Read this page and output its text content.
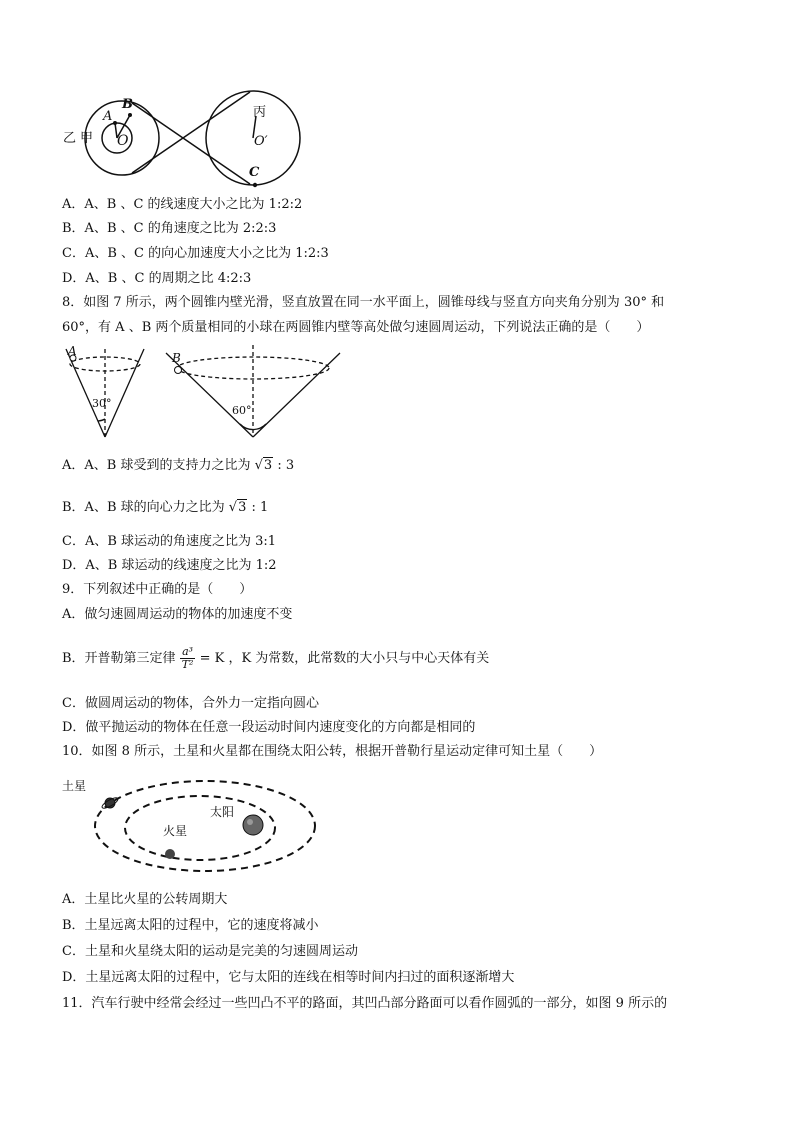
乙 甲
A
B
O
丙
O′
C
A．A、B 、C 的线速度大小之比为 1:2:2
B．A、B 、C 的角速度之比为 2:2:3
C．A、B 、C 的向心加速度大小之比为 1:2:3
D．A、B 、C 的周期之比 4:2:3
8．如图 7 所示，两个圆锥内壁光滑，竖直放置在同一水平面上，圆锥母线与竖直方向夹角分别为 30° 和
60°，有 A 、B 两个质量相同的小球在两圆锥内壁等高处做匀速圆周运动，下列说法正确的是（　　）
A	B
30°
60°
A．A、B 球受到的支持力之比为 √3 : 3
B．A、B 球的向心力之比为 √3 : 1
C．A、B 球运动的角速度之比为 3:1
D．A、B 球运动的线速度之比为 1:2
9．下列叙述中正确的是（　　）
A．做匀速圆周运动的物体的加速度不变
B．开普勒第三定律 $\frac{\text{a³}}{\text{T²}} = K$ ，K 为常数，此常数的大小只与中心天体有关
C．做圆周运动的物体，合外力一定指向圆心
D．做平抛运动的物体在任意一段运动时间内速度变化的方向都是相同的
10．如图 8 所示，土星和火星都在围绕太阳公转，根据开普勒行星运动定律可知土星（　　）
土星
火星
太阳
A．土星比火星的公转周期大
B．土星远离太阳的过程中，它的速度将减小
C．土星和火星绕太阳的运动是完美的匀速圆周运动
D．土星远离太阳的过程中，它与太阳的连线在相等时间内扫过的面积逐渐增大
11．汽车行驶中经常会经过一些凹凸不平的路面，其凹凸部分路面可以看作圆弧的一部分，如图 9 所示的
